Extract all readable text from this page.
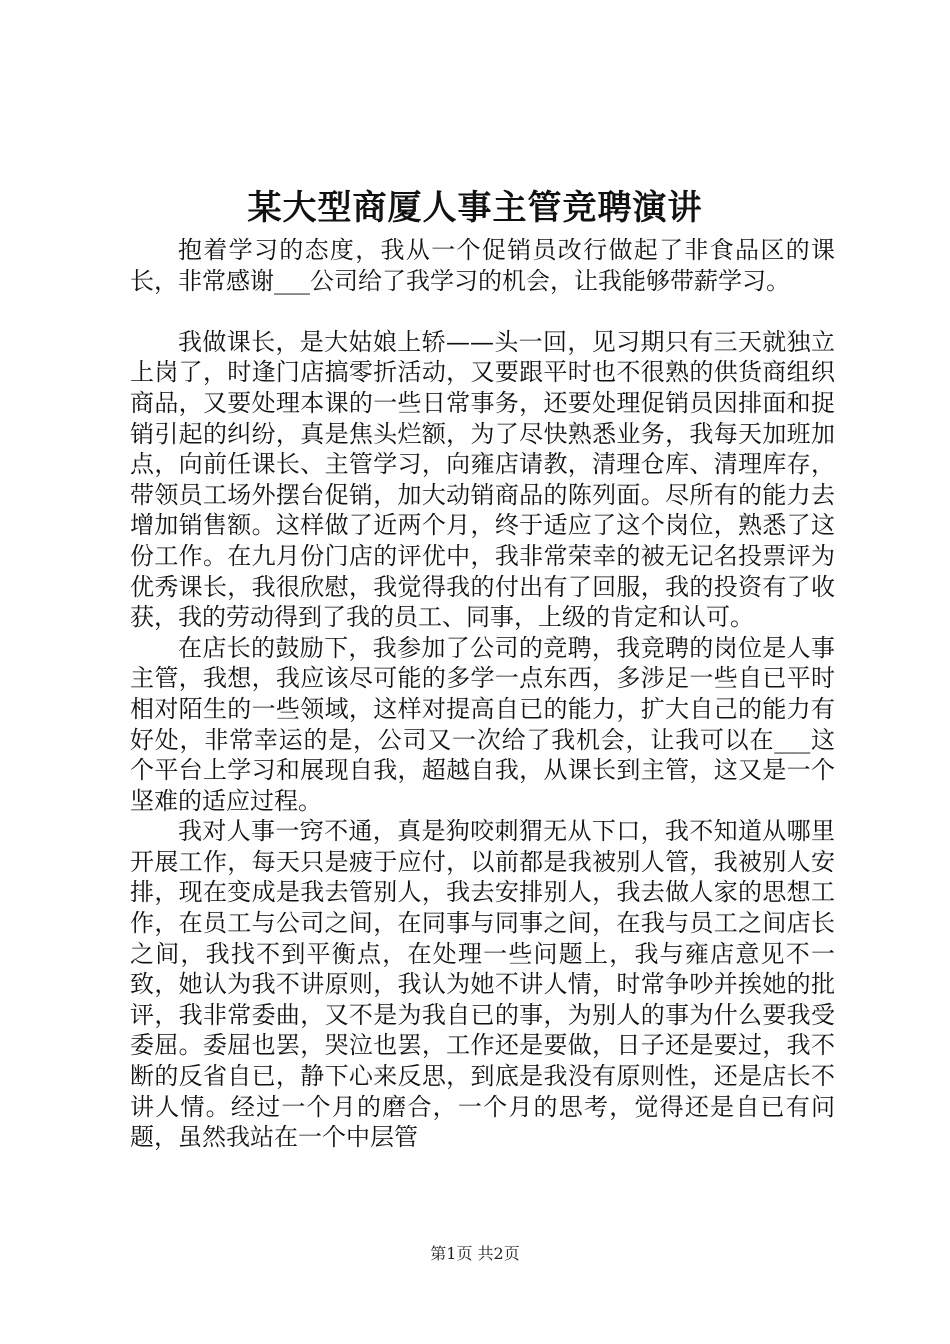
某大型商厦人事主管竞聘演讲

抱着学习的态度，我从一个促销员改行做起了非食品区的课长，非常感谢___公司给了我学习的机会，让我能够带薪学习。

我做课长，是大姑娘上轿——头一回，见习期只有三天就独立上岗了，时逢门店搞零折活动，又要跟平时也不很熟的供货商组织商品，又要处理本课的一些日常事务，还要处理促销员因排面和捉销引起的纠纷，真是焦头烂额，为了尽快熟悉业务，我每天加班加点，向前任课长、主管学习，向雍店请教，清理仓库、清理库存，带领员工场外摆台促销，加大动销商品的陈列面。尽所有的能力去增加销售额。这样做了近两个月，终于适应了这个岗位，熟悉了这份工作。在九月份门店的评优中，我非常荣幸的被无记名投票评为优秀课长，我很欣慰，我觉得我的付出有了回服，我的投资有了收获，我的劳动得到了我的员工、同事，上级的肯定和认可。

在店长的鼓励下，我参加了公司的竞聘，我竞聘的岗位是人事主管，我想，我应该尽可能的多学一点东西，多涉足一些自已平时相对陌生的一些领域，这样对提高自已的能力，扩大自己的能力有好处，非常幸运的是，公司又一次给了我机会，让我可以在___这个平台上学习和展现自我，超越自我，从课长到主管，这又是一个坚难的适应过程。

我对人事一窍不通，真是狗咬刺猬无从下口，我不知道从哪里开展工作，每天只是疲于应付，以前都是我被别人管，我被别人安排，现在变成是我去管别人，我去安排别人，我去做人家的思想工作，在员工与公司之间，在同事与同事之间，在我与员工之间店长之间，我找不到平衡点，在处理一些问题上，我与雍店意见不一致，她认为我不讲原则，我认为她不讲人情，时常争吵并挨她的批评，我非常委曲，又不是为我自已的事，为别人的事为什么要我受委屈。委屈也罢，哭泣也罢，工作还是要做，日子还是要过，我不断的反省自已，静下心来反思，到底是我没有原则性，还是店长不讲人情。经过一个月的磨合，一个月的思考，觉得还是自已有问题，虽然我站在一个中层管

第1页 共2页
